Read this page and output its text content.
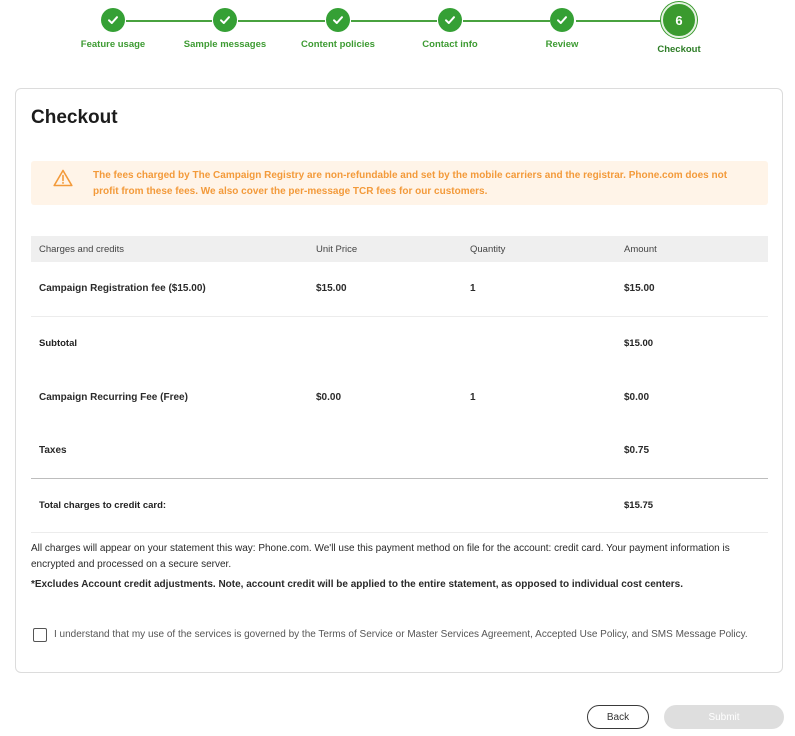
Feature usage	Sample messages	Content policies	Contact info	Review
6
Checkout
Checkout
The fees charged by The Campaign Registry are non-refundable and set by the mobile carriers and the registrar. Phone.com does not profit from these fees. We also cover the per-message TCR fees for our customers.
Charges and credits	Unit Price	Quantity	Amount
Campaign Registration fee ($15.00)	$15.00	1	$15.00
Subtotal			$15.00
Campaign Recurring Fee (Free)	$0.00	1	$0.00
Taxes			$0.75
Total charges to credit card:			$15.75

All charges will appear on your statement this way: Phone.com. We'll use this payment method on file for the account: credit card. Your payment information is encrypted and processed on a secure server.

*Excludes Account credit adjustments. Note, account credit will be applied to the entire statement, as opposed to individual cost centers.

I understand that my use of the services is governed by the Terms of Service or Master Services Agreement, Accepted Use Policy, and SMS Message Policy.
Back	Submit
